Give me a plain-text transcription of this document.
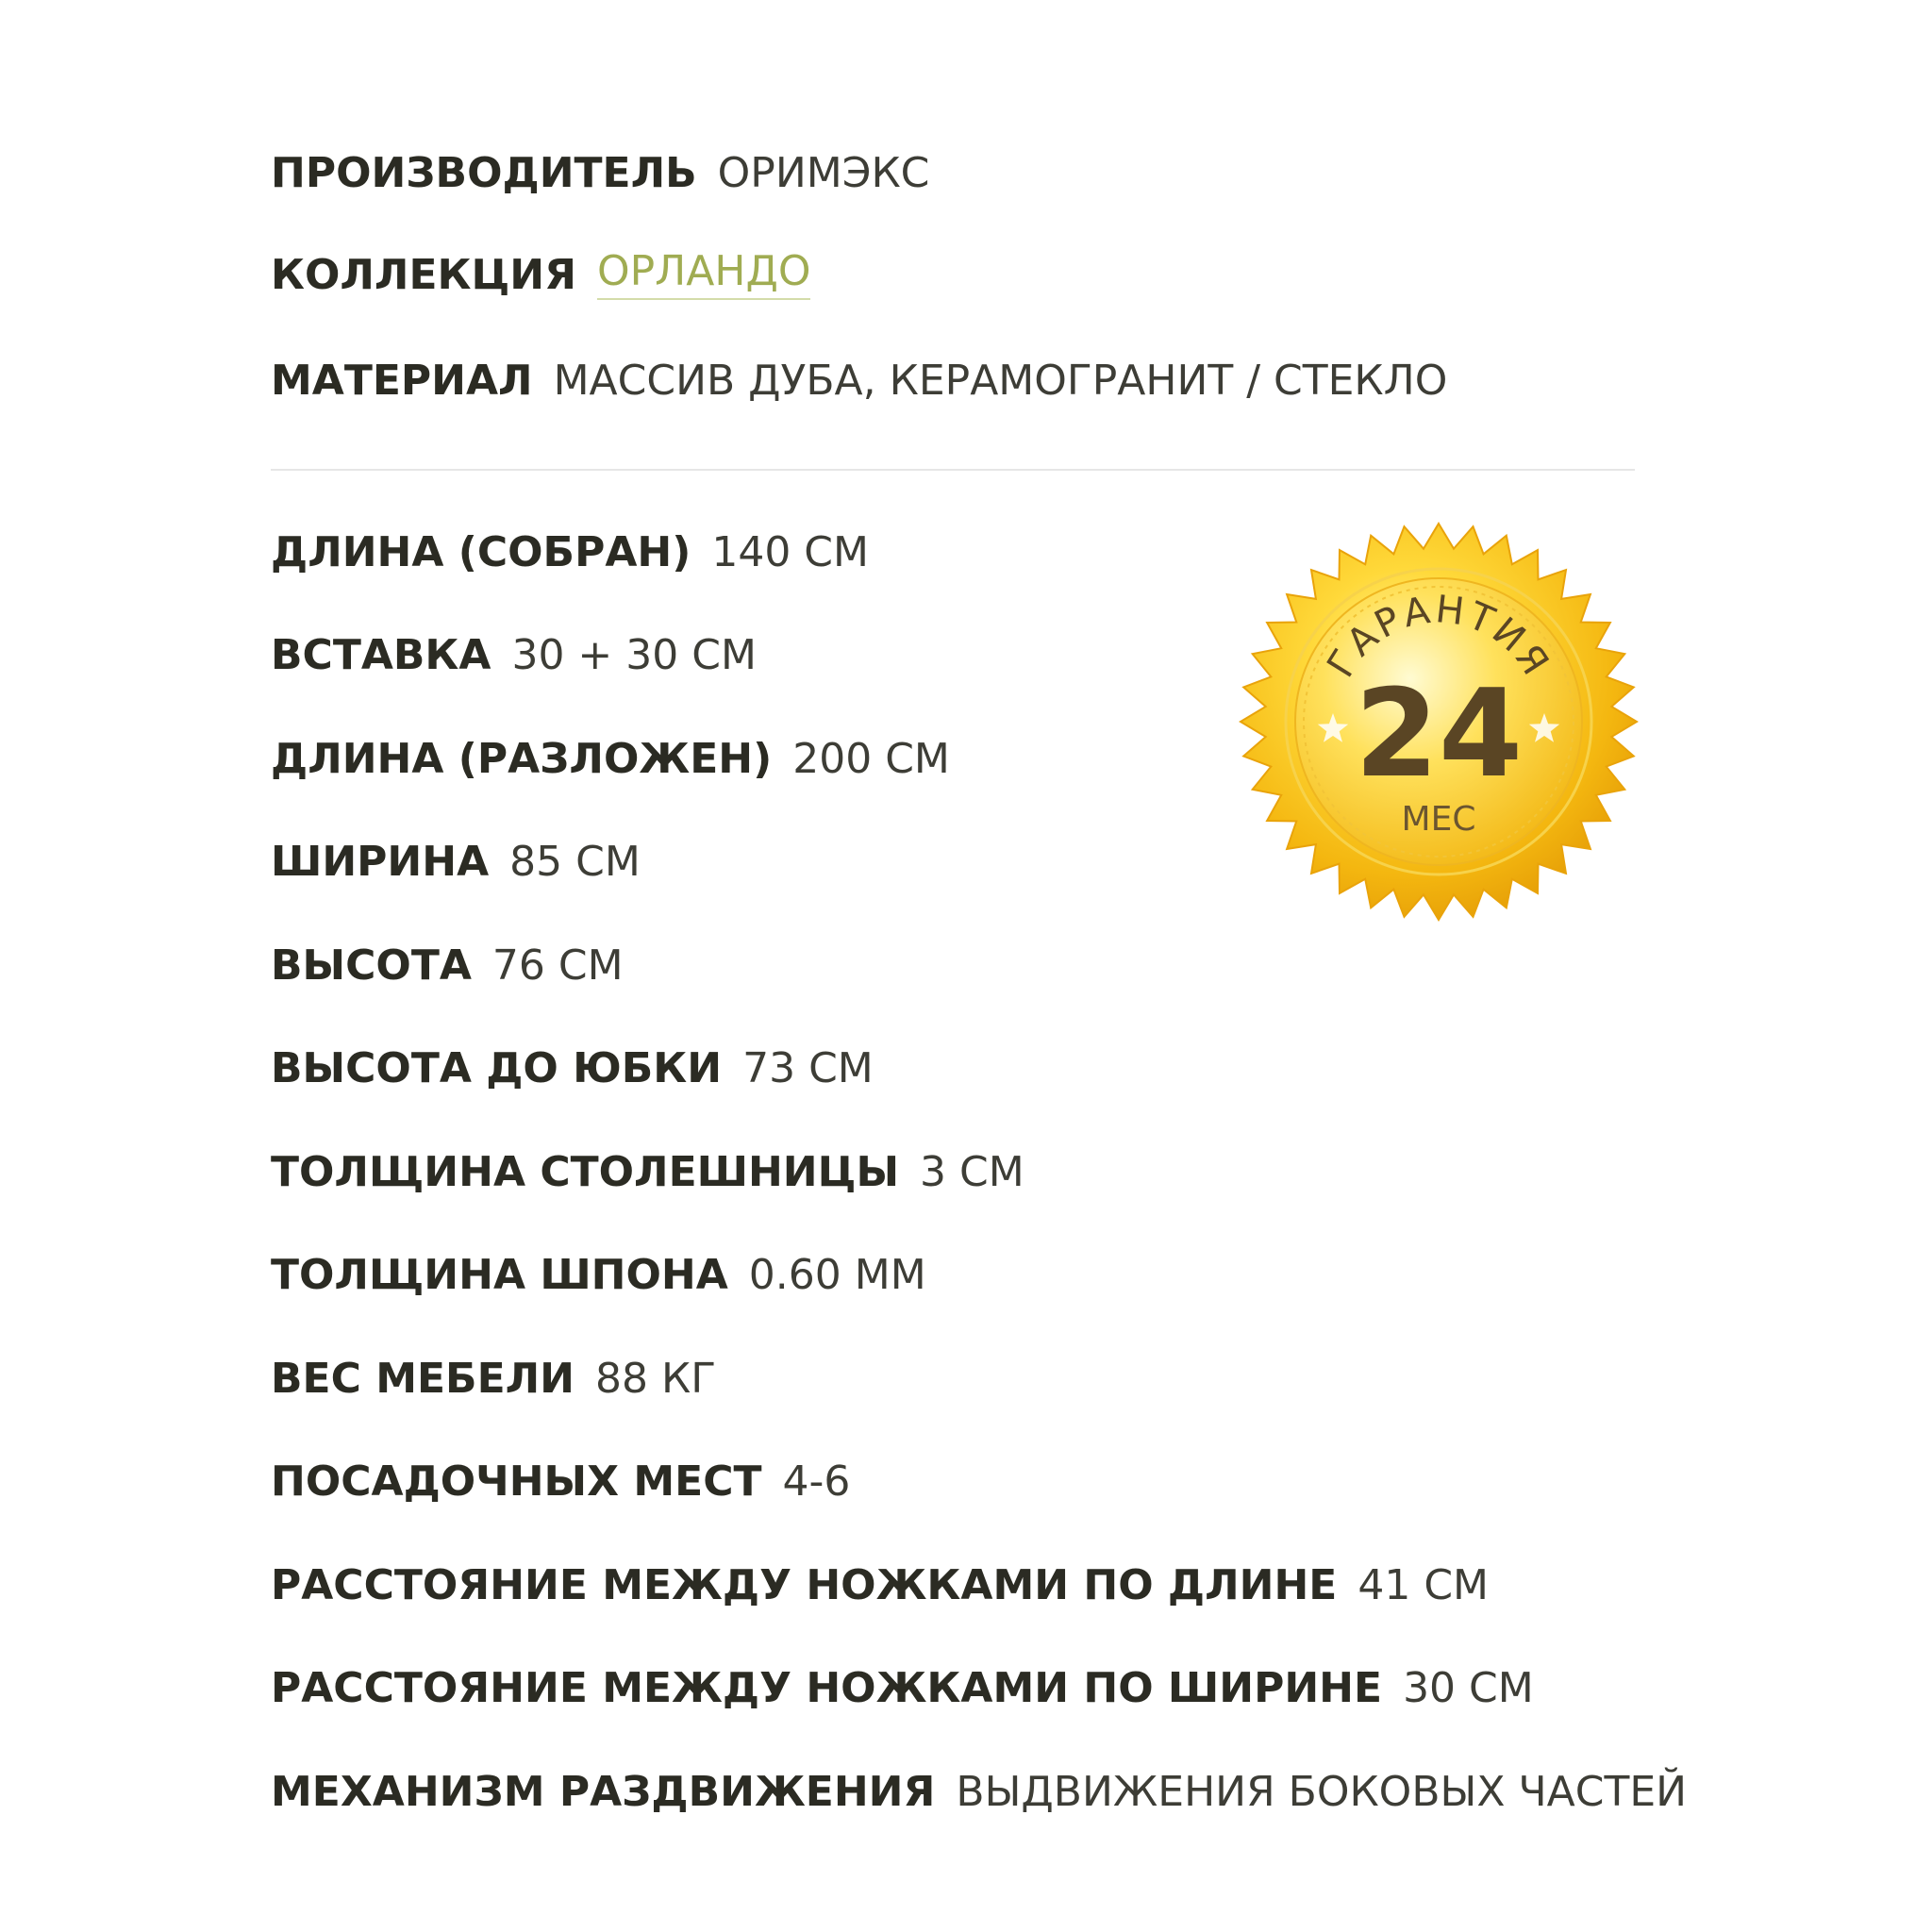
ПРОИЗВОДИТЕЛЬ ОРИМЭКС
КОЛЛЕКЦИЯ ОРЛАНДО
МАТЕРИАЛ МАССИВ ДУБА, КЕРАМОГРАНИТ / СТЕКЛО
ДЛИНА (СОБРАН) 140 СМ
ВСТАВКА 30 + 30 СМ
ДЛИНА (РАЗЛОЖЕН) 200 СМ
ШИРИНА 85 СМ
ВЫСОТА 76 СМ
ВЫСОТА ДО ЮБКИ 73 СМ
ТОЛЩИНА СТОЛЕШНИЦЫ 3 СМ
ТОЛЩИНА ШПОНА 0.60 ММ
ВЕС МЕБЕЛИ 88 КГ
ПОСАДОЧНЫХ МЕСТ 4-6
РАССТОЯНИЕ МЕЖДУ НОЖКАМИ ПО ДЛИНЕ 41 СМ
РАССТОЯНИЕ МЕЖДУ НОЖКАМИ ПО ШИРИНЕ 30 СМ
МЕХАНИЗМ РАЗДВИЖЕНИЯ ВЫДВИЖЕНИЯ БОКОВЫХ ЧАСТЕЙ
ГАРАНТИЯ
24
МЕС
